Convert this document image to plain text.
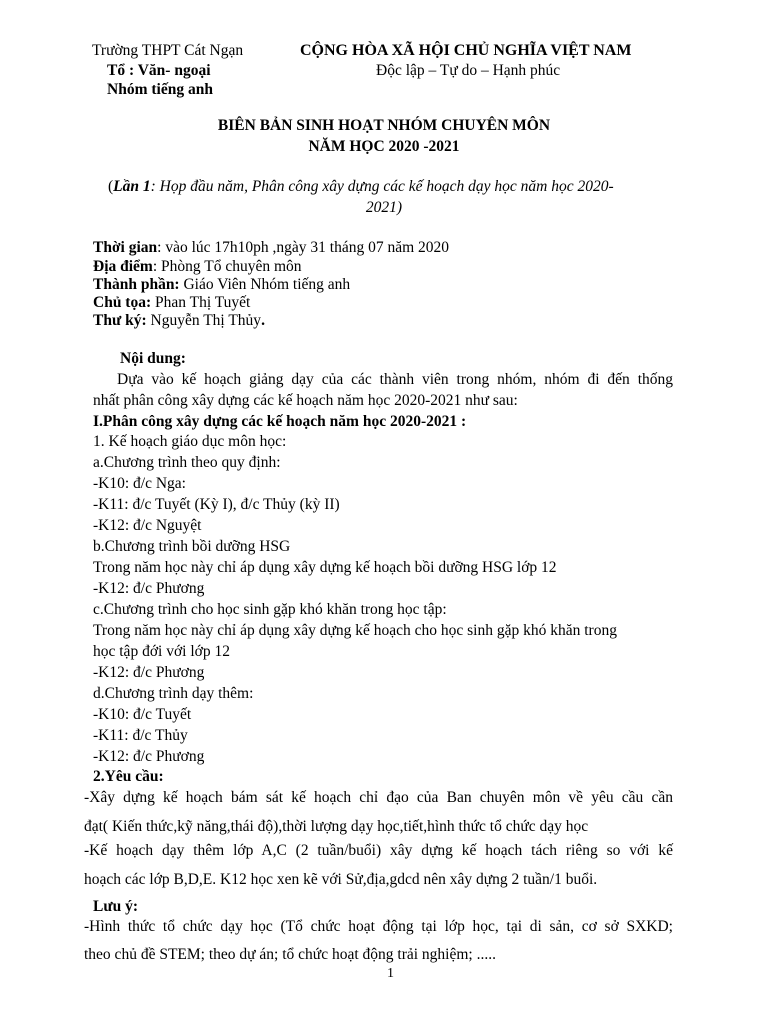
Trường THPT Cát Ngạn
Tổ : Văn- ngoại
Nhóm tiếng anh
CỘNG HÒA XÃ HỘI CHỦ NGHĨA VIỆT NAM
Độc lập – Tự do – Hạnh phúc
BIÊN BẢN SINH HOẠT NHÓM CHUYÊN MÔN
NĂM HỌC 2020 -2021
(Lần 1: Họp đầu năm, Phân công xây dựng các kế hoạch dạy học năm học 2020-
2021)
Thời gian: vào lúc 17h10ph ,ngày 31 tháng 07 năm 2020
Địa điểm: Phòng Tổ chuyên môn
Thành phần: Giáo Viên Nhóm tiếng anh
Chủ tọa: Phan Thị Tuyết
Thư ký: Nguyễn Thị Thủy.
Nội dung:
Dựa vào kế hoạch giảng dạy của các thành viên trong nhóm, nhóm đi đến thống
nhất phân công xây dựng các kế hoạch năm học 2020-2021 như sau:
I.Phân công xây dựng các kế hoạch năm học 2020-2021 :
1. Kế hoạch giáo dục môn học:
a.Chương trình theo quy định:
-K10: đ/c Nga:
-K11: đ/c Tuyết (Kỳ I), đ/c Thủy (kỳ II)
-K12: đ/c Nguyệt
b.Chương trình bồi dưỡng HSG
Trong năm học này chỉ áp dụng xây dựng kế hoạch bồi dưỡng HSG lớp 12
-K12: đ/c Phương
c.Chương trình cho học sinh gặp khó khăn trong học tập:
Trong năm học này chỉ áp dụng xây dựng kế hoạch cho học sinh gặp khó khăn trong
học tập đới với lớp 12
-K12: đ/c Phương
d.Chương trình dạy thêm:
-K10: đ/c Tuyết
-K11: đ/c Thủy
-K12: đ/c Phương
2.Yêu cầu:
-Xây dựng kế hoạch bám sát kế hoạch chỉ đạo của Ban chuyên môn về yêu cầu cần
đạt( Kiến thức,kỹ năng,thái độ),thời lượng dạy học,tiết,hình thức tổ chức dạy học
-Kế hoạch dạy thêm lớp A,C (2 tuần/buổi) xây dựng kế hoạch tách riêng so với kế
hoạch các lớp B,D,E. K12 học xen kẽ với Sử,địa,gdcd nên xây dựng 2 tuần/1 buổi.
Lưu ý:
-Hình thức tổ chức dạy học (Tổ chức hoạt động tại lớp học, tại di sản, cơ sở SXKD;
theo chủ đề STEM; theo dự án; tổ chức hoạt động trải nghiệm; .....
1
